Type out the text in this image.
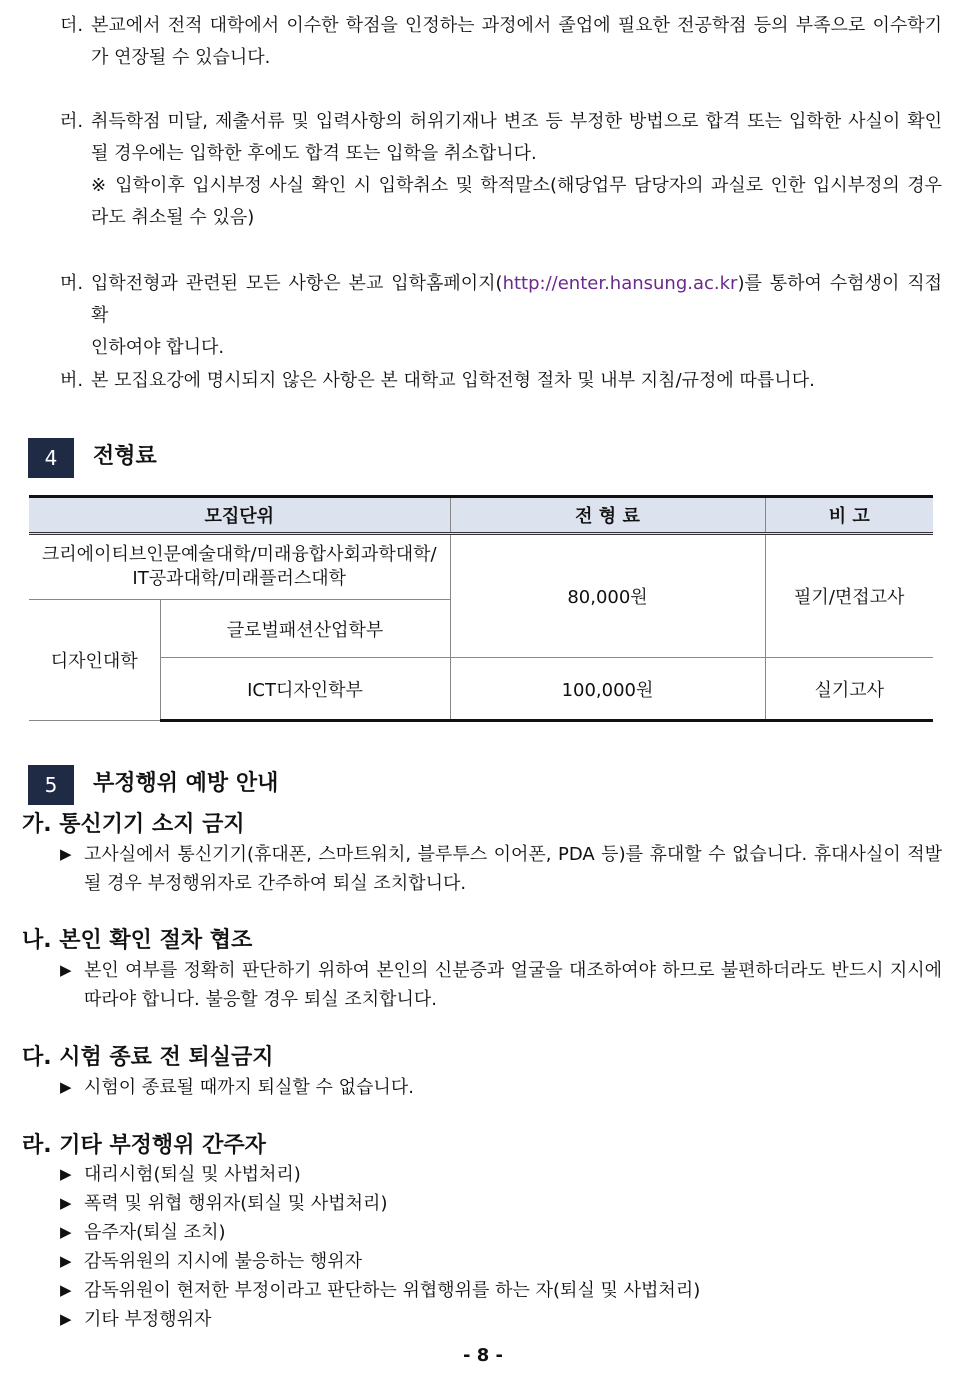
더. 본교에서 전적 대학에서 이수한 학점을 인정하는 과정에서 졸업에 필요한 전공학점 등의 부족으로 이수학기
가 연장될 수 있습니다.
러. 취득학점 미달, 제출서류 및 입력사항의 허위기재나 변조 등 부정한 방법으로 합격 또는 입학한 사실이 확인
될 경우에는 입학한 후에도 합격 또는 입학을 취소합니다.
※ 입학이후 입시부정 사실 확인 시 입학취소 및 학적말소(해당업무 담당자의 과실로 인한 입시부정의 경우
라도 취소될 수 있음)
머. 입학전형과 관련된 모든 사항은 본교 입학홈페이지(http://enter.hansung.ac.kr)를 통하여 수험생이 직접 확
인하여야 합니다.
버. 본 모집요강에 명시되지 않은 사항은 본 대학교 입학전형 절차 및 내부 지침/규정에 따릅니다.
4	전형료
모집단위		전 형 료	비 고

크리에이티브인문예술대학/미래융합사회과학대학/
IT공과대학/미래플러스대학		80,000원	필기/면접고사
디자인대학	글로벌패션산업학부		
	ICT디자인학부	100,000원	실기고사
5	부정행위 예방 안내
가. 통신기기 소지 금지
▶ 고사실에서 통신기기(휴대폰, 스마트워치, 블루투스 이어폰, PDA 등)를 휴대할 수 없습니다. 휴대사실이 적발
될 경우 부정행위자로 간주하여 퇴실 조치합니다.
나. 본인 확인 절차 협조
▶ 본인 여부를 정확히 판단하기 위하여 본인의 신분증과 얼굴을 대조하여야 하므로 불편하더라도 반드시 지시에
따라야 합니다. 불응할 경우 퇴실 조치합니다.
다. 시험 종료 전 퇴실금지
▶ 시험이 종료될 때까지 퇴실할 수 없습니다.
라. 기타 부정행위 간주자
▶ 대리시험(퇴실 및 사법처리)
▶ 폭력 및 위협 행위자(퇴실 및 사법처리)
▶ 음주자(퇴실 조치)
▶ 감독위원의 지시에 불응하는 행위자
▶ 감독위원이 현저한 부정이라고 판단하는 위협행위를 하는 자(퇴실 및 사법처리)
▶ 기타 부정행위자
- 8 -
